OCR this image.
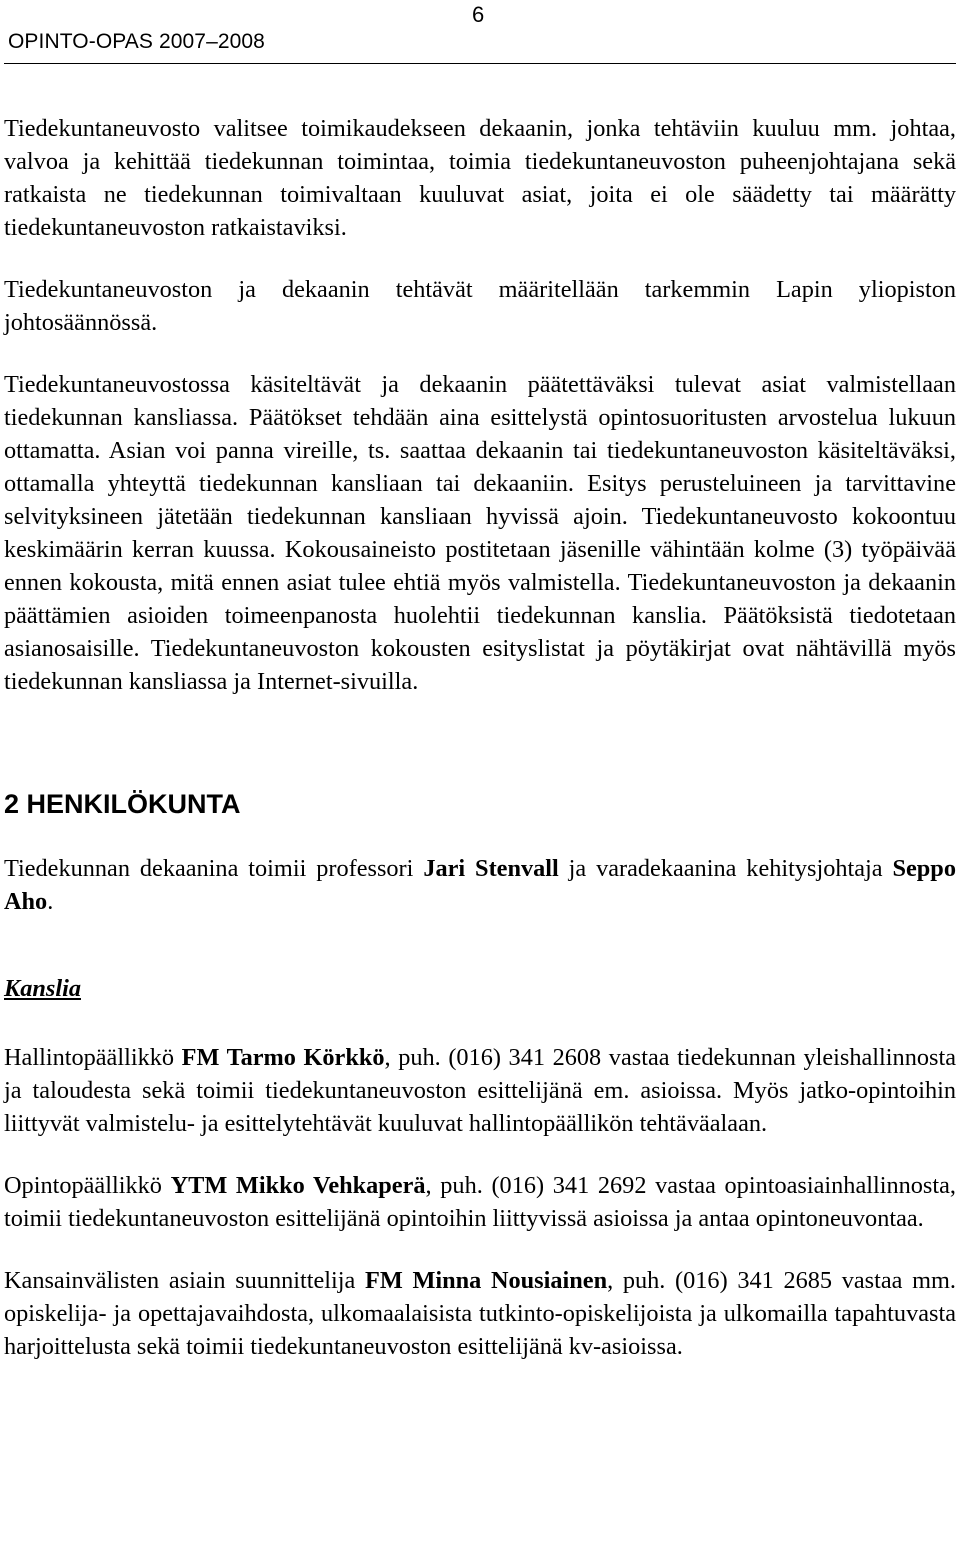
OPINTO-OPAS 2007–2008
6

Tiedekuntaneuvosto valitsee toimikaudekseen dekaanin, jonka tehtäviin kuuluu mm. johtaa, valvoa ja kehittää tiedekunnan toimintaa, toimia tiedekuntaneuvoston puheenjohtajana sekä ratkaista ne tiedekunnan toimivaltaan kuuluvat asiat, joita ei ole säädetty tai määrätty tiedekuntaneuvoston ratkaistaviksi.

Tiedekuntaneuvoston ja dekaanin tehtävät määritellään tarkemmin Lapin yliopiston johtosäännössä.

Tiedekuntaneuvostossa käsiteltävät ja dekaanin päätettäväksi tulevat asiat valmistellaan tiedekunnan kansliassa. Päätökset tehdään aina esittelystä opintosuoritusten arvostelua lukuun ottamatta. Asian voi panna vireille, ts. saattaa dekaanin tai tiedekuntaneuvoston käsiteltäväksi, ottamalla yhteyttä tiedekunnan kansliaan tai dekaaniin. Esitys perusteluineen ja tarvittavine selvityksineen jätetään tiedekunnan kansliaan hyvissä ajoin. Tiedekuntaneuvosto kokoontuu keskimäärin kerran kuussa. Kokousaineisto postitetaan jäsenille vähintään kolme (3) työpäivää ennen kokousta, mitä ennen asiat tulee ehtiä myös valmistella. Tiedekuntaneuvoston ja dekaanin päättämien asioiden toimeenpanosta huolehtii tiedekunnan kanslia. Päätöksistä tiedotetaan asianosaisille. Tiedekuntaneuvoston kokousten esityslistat ja pöytäkirjat ovat nähtävillä myös tiedekunnan kansliassa ja Internet-sivuilla.

2 HENKILÖKUNTA

Tiedekunnan dekaanina toimii professori Jari Stenvall ja varadekaanina kehitysjohtaja Seppo Aho.

Kanslia

Hallintopäällikkö FM Tarmo Körkkö, puh. (016) 341 2608 vastaa tiedekunnan yleishallinnosta ja taloudesta sekä toimii tiedekuntaneuvoston esittelijänä em. asioissa. Myös jatko-opintoihin liittyvät valmistelu- ja esittelytehtävät kuuluvat hallintopäällikön tehtäväalaan.

Opintopäällikkö YTM Mikko Vehkaperä, puh. (016) 341 2692 vastaa opintoasiainhallinnosta, toimii tiedekuntaneuvoston esittelijänä opintoihin liittyvissä asioissa ja antaa opintoneuvontaa.

Kansainvälisten asiain suunnittelija FM Minna Nousiainen, puh. (016) 341 2685 vastaa mm. opiskelija- ja opettajavaihdosta, ulkomaalaisista tutkinto-opiskelijoista ja ulkomailla tapahtuvasta harjoittelusta sekä toimii tiedekuntaneuvoston esittelijänä kv-asioissa.
